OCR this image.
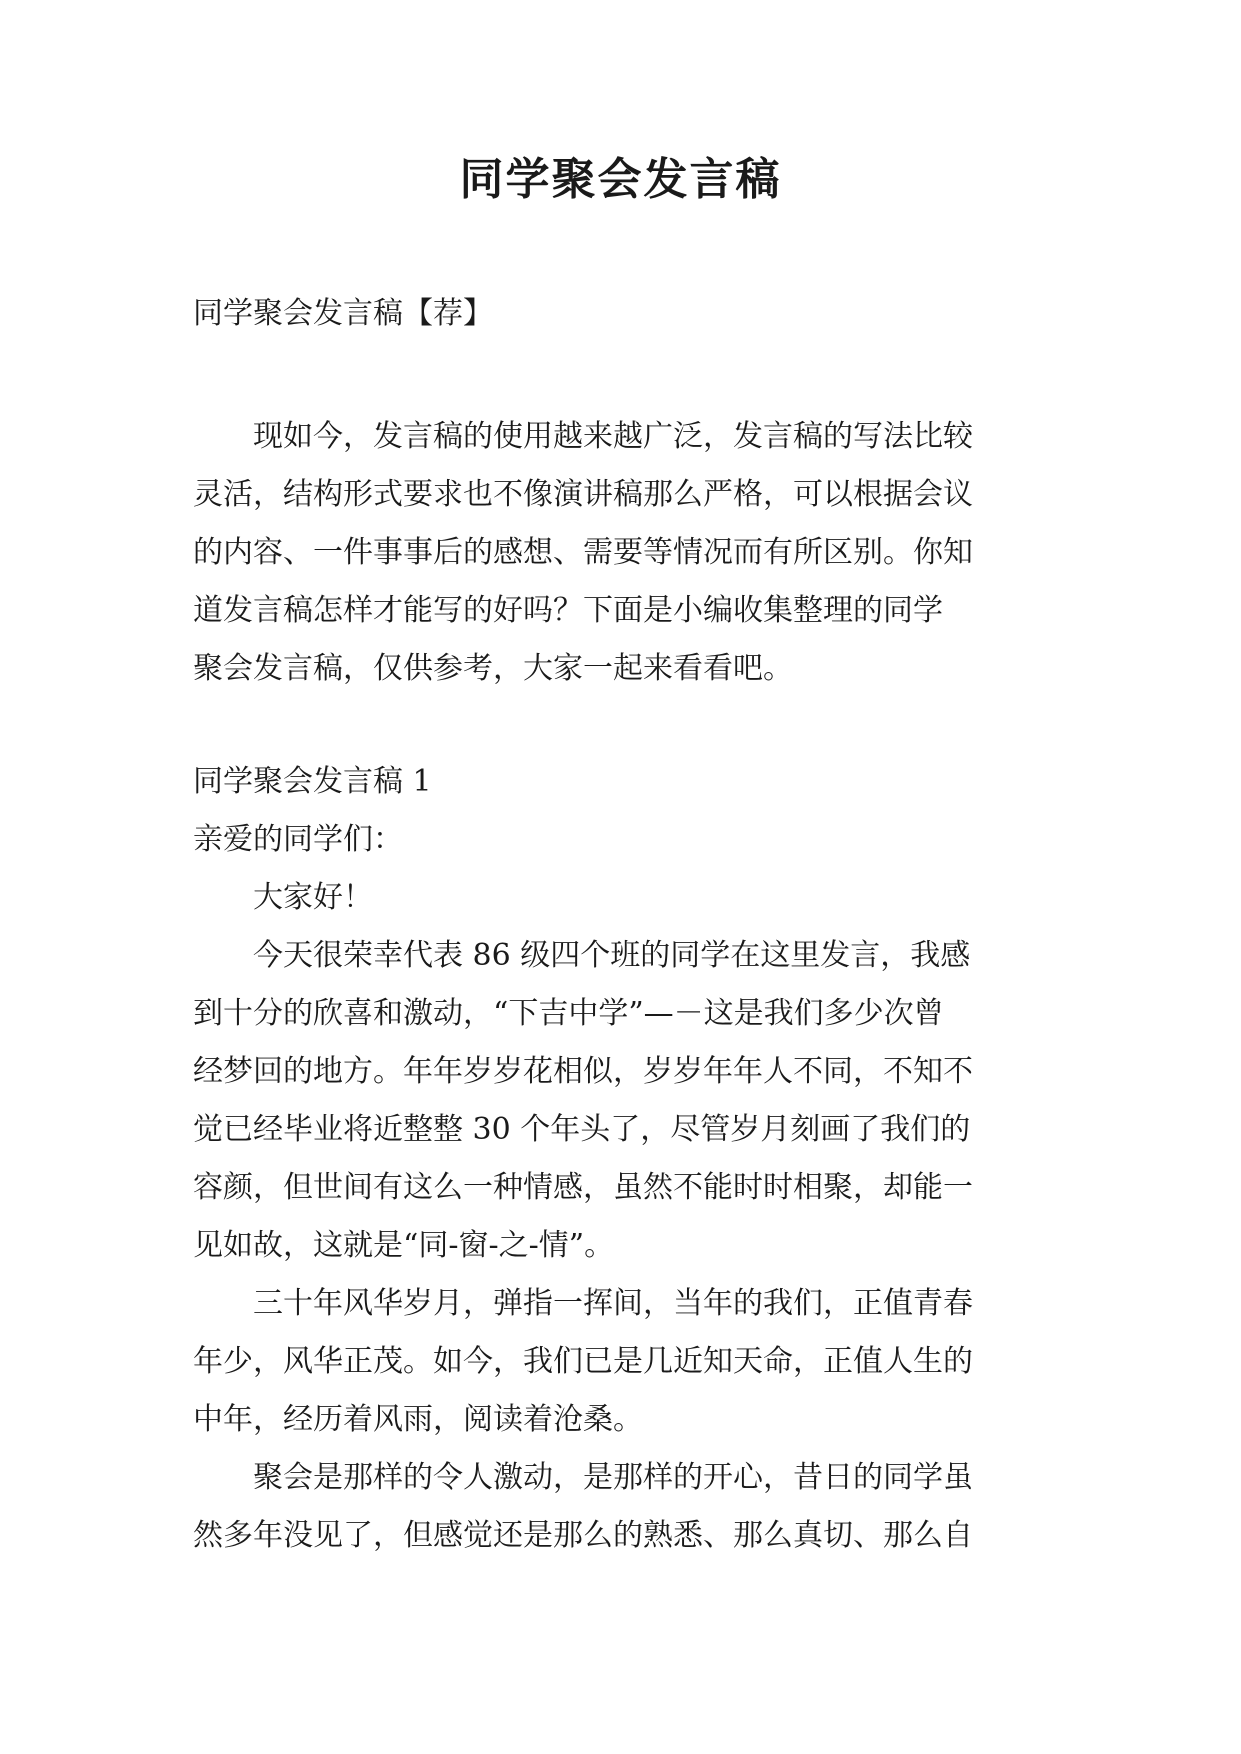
同学聚会发言稿

同学聚会发言稿【荐】

　　现如今，发言稿的使用越来越广泛，发言稿的写法比较

灵活，结构形式要求也不像演讲稿那么严格，可以根据会议

的内容、一件事事后的感想、需要等情况而有所区别。你知

道发言稿怎样才能写的好吗？下面是小编收集整理的同学

聚会发言稿，仅供参考，大家一起来看看吧。

同学聚会发言稿 1

亲爱的同学们：

　　大家好！

　　今天很荣幸代表 86 级四个班的同学在这里发言，我感

到十分的欣喜和激动，“下吉中学”—－这是我们多少次曾

经梦回的地方。年年岁岁花相似，岁岁年年人不同，不知不

觉已经毕业将近整整 30 个年头了，尽管岁月刻画了我们的

容颜，但世间有这么一种情感，虽然不能时时相聚，却能一

见如故，这就是“同-窗-之-情”。

　　三十年风华岁月，弹指一挥间，当年的我们，正值青春

年少，风华正茂。如今，我们已是几近知天命，正值人生的

中年，经历着风雨，阅读着沧桑。

　　聚会是那样的令人激动，是那样的开心，昔日的同学虽

然多年没见了，但感觉还是那么的熟悉、那么真切、那么自
